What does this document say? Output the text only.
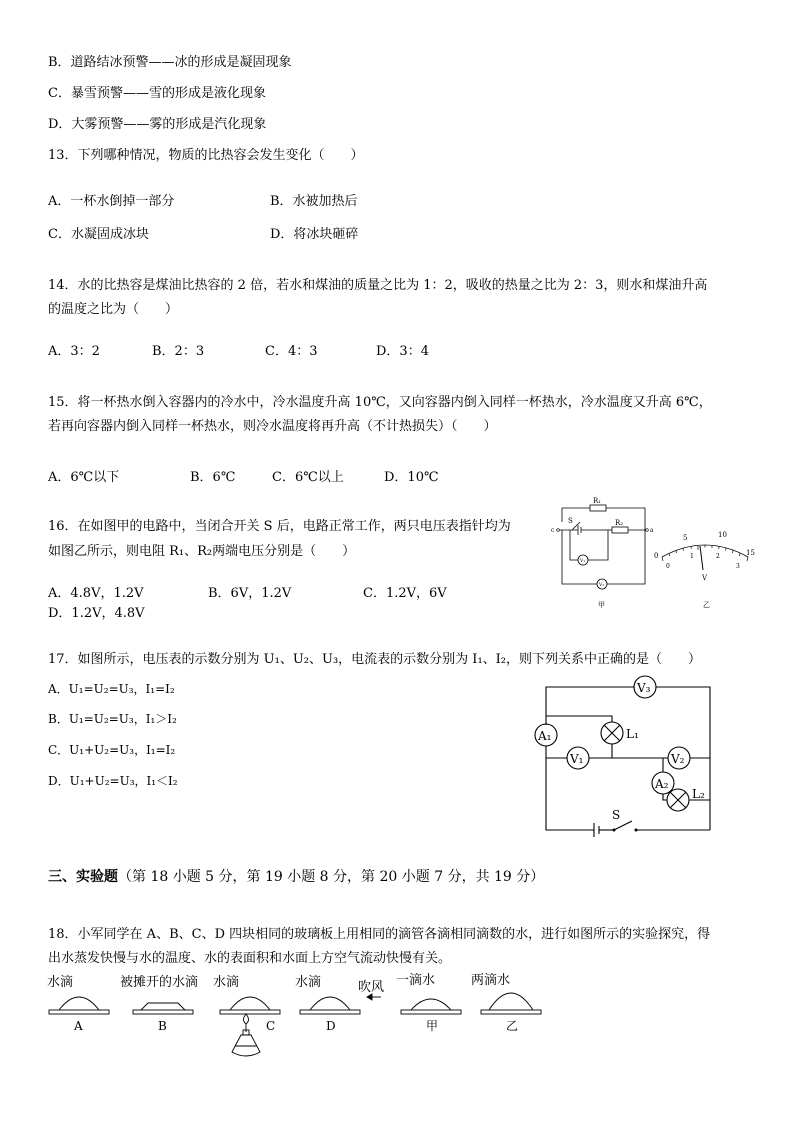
B．道路结冰预警——冰的形成是凝固现象
C．暴雪预警——雪的形成是液化现象
D．大雾预警——雾的形成是汽化现象
13．下列哪种情况，物质的比热容会发生变化（　　）
A．一杯水倒掉一部分	B．水被加热后
C．水凝固成冰块	D．将冰块砸碎
14．水的比热容是煤油比热容的 2 倍，若水和煤油的质量之比为 1：2，吸收的热量之比为 2：3，则水和煤油升高
的温度之比为（　　）
A．3：2	B．2：3	C．4：3	D．3：4
15．将一杯热水倒入容器内的冷水中，冷水温度升高 10℃，又向容器内倒入同样一杯热水，冷水温度又升高 6℃，
若再向容器内倒入同样一杯热水，则冷水温度将再升高（不计热损失）（　　）
A．6℃以下	B．6℃	C．6℃以上	D．10℃
16．在如图甲的电路中，当闭合开关 S 后，电路正常工作，两只电压表指针均为
如图乙所示，则电阻 R₁、R₂两端电压分别是（　　）
A．4.8V，1.2V	B．6V，1.2V	C．1.2V，6V
D．1.2V，4.8V
R₁
R₂
S
c	a
V₁
V₂
甲
0
5	10
15
0
1	2
3
V
乙
17．如图所示，电压表的示数分别为 U₁、U₂、U₃，电流表的示数分别为 I₁、I₂，则下列关系中正确的是（　　）
A．U₁=U₂=U₃，I₁=I₂
B．U₁=U₂=U₃，I₁＞I₂
C．U₁+U₂=U₃，I₁=I₂
D．U₁+U₂=U₃，I₁＜I₂
V₃
A₁	L₁
V₁	V₂
A₂
L₂
S
三、实验题（第 18 小题 5 分，第 19 小题 8 分，第 20 小题 7 分，共 19 分）
18．小军同学在 A、B、C、D 四块相同的玻璃板上用相同的滴管各滴相同滴数的水，进行如图所示的实验探究，得
出水蒸发快慢与水的温度、水的表面积和水面上方空气流动快慢有关。
水滴	被摊开的水滴 水滴	水滴	吹风 一滴水	两滴水
A	B	C	D	甲	乙
